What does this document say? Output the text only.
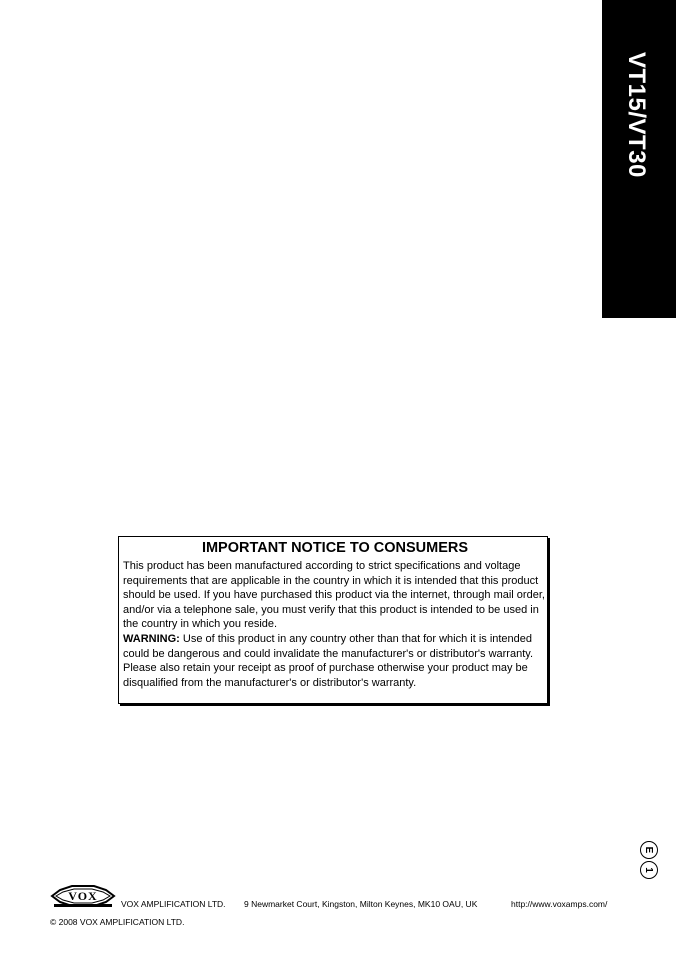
VT15/VT30
IMPORTANT NOTICE TO CONSUMERS

This product has been manufactured according to strict specifications and voltage requirements that are applicable in the country in which it is intended that this product should be used. If you have purchased this product via the internet, through mail order, and/or via a telephone sale, you must verify that this product is intended to be used in the country in which you reside.

WARNING: Use of this product in any country other than that for which it is intended could be dangerous and could invalidate the manufacturer's or distributor's warranty.

Please also retain your receipt as proof of purchase otherwise your product may be disqualified from the manufacturer's or distributor's warranty.

E
1
VOX
VOX AMPLIFICATION LTD.	9 Newmarket Court, Kingston, Milton Keynes, MK10 OAU, UK	http://www.voxamps.com/
© 2008 VOX AMPLIFICATION LTD.
